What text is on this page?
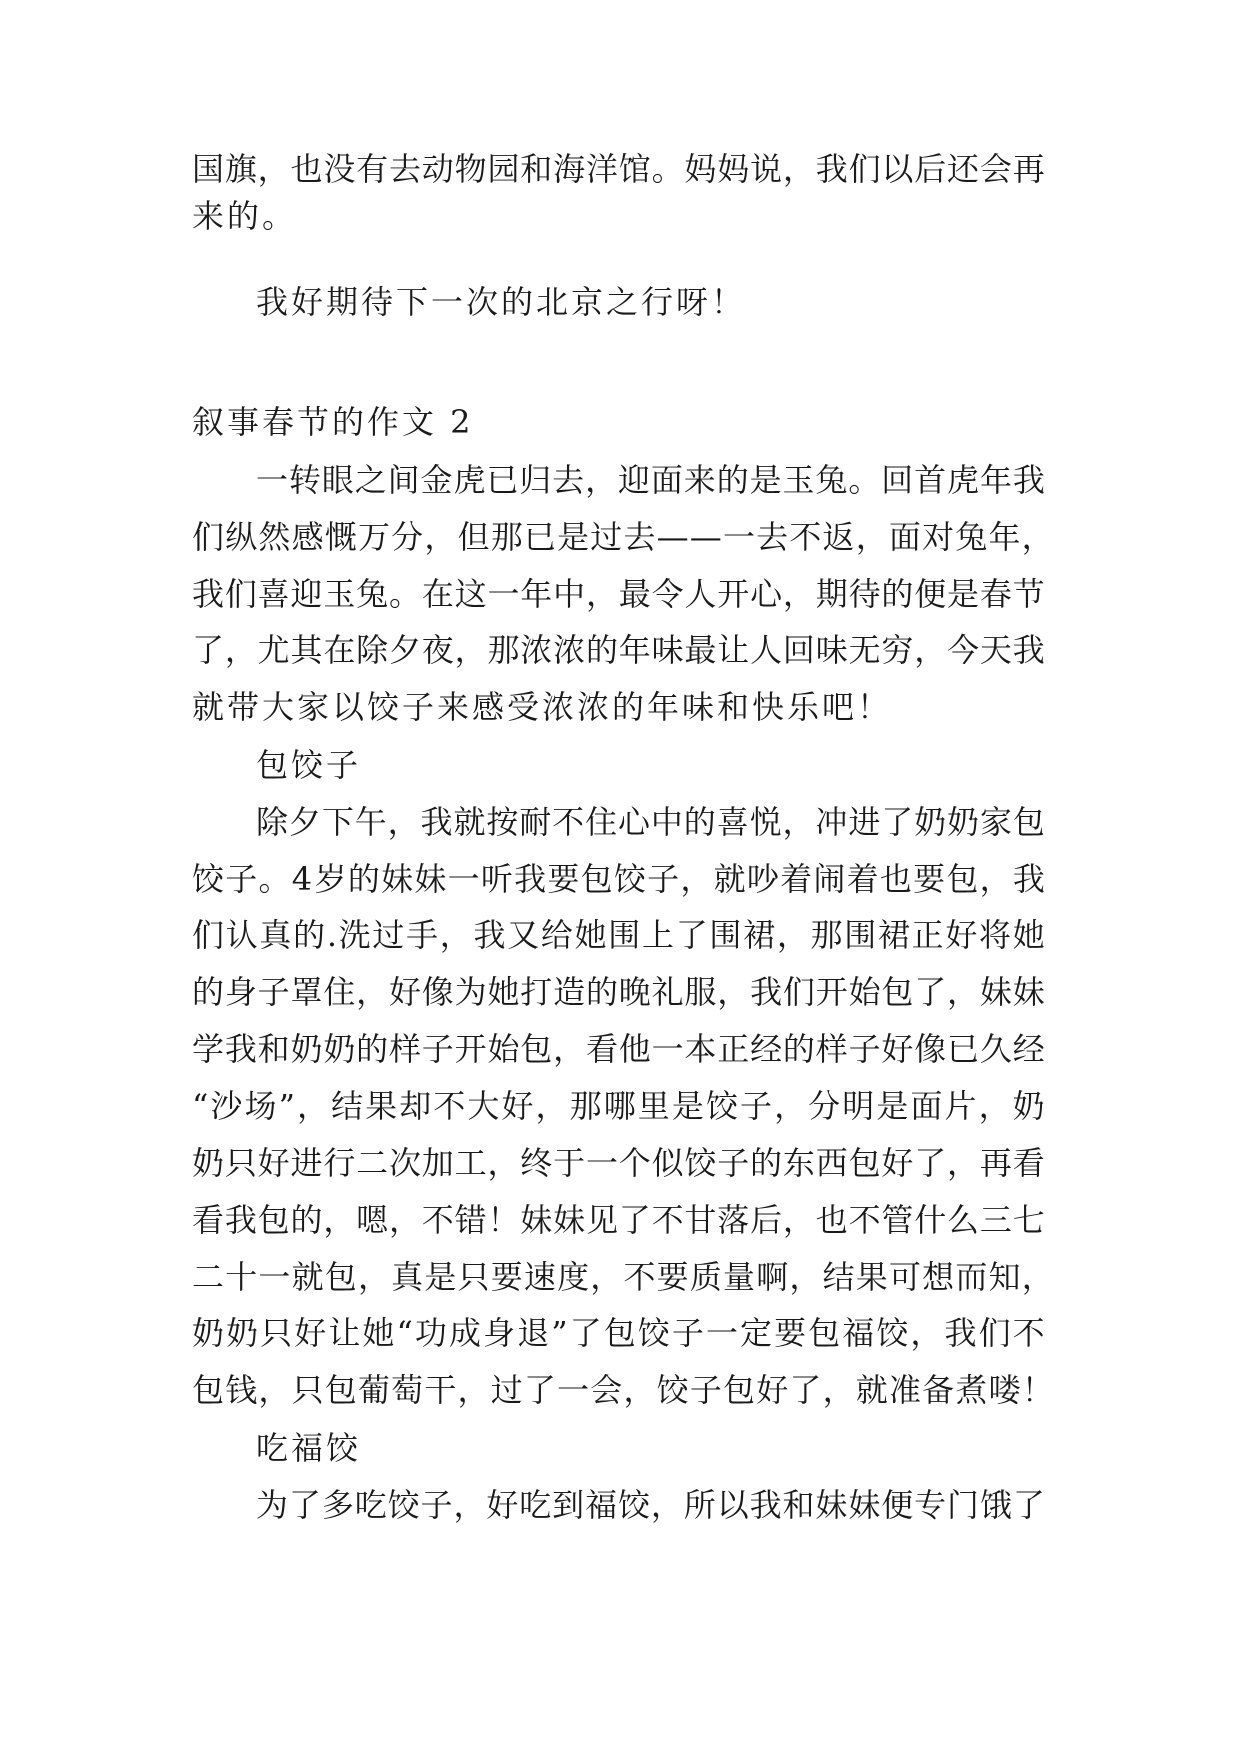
国 旗 ， 也 没 有 去 动 物 园 和 海 洋 馆 。 妈 妈 说 ， 我 们 以 后 还 会 再
来的。
我好期待下一次的北京之行呀！
叙事春节的作文 2
一 转 眼 之 间 金 虎 已 归 去 ， 迎 面 来 的 是 玉 兔 。 回 首 虎 年 我
们 纵 然 感 慨 万 分 ， 但 那 已 是 过 去 — — 一 去 不 返 ， 面 对 兔 年 ，
我 们 喜 迎 玉 兔 。 在 这 一 年 中 ， 最 令 人 开 心 ， 期 待 的 便 是 春 节
了 ， 尤 其 在 除 夕 夜 ， 那 浓 浓 的 年 味 最 让 人 回 味 无 穷 ， 今 天 我
就带大家以饺子来感受浓浓的年味和快乐吧！
包饺子
除 夕 下 午 ， 我 就 按 耐 不 住 心 中 的 喜 悦 ， 冲 进 了 奶 奶 家 包
饺 子 。 4 岁 的 妹 妹 一 听 我 要 包 饺 子 ， 就 吵 着 闹 着 也 要 包 ， 我
们 认 真 的 . 洗 过 手 ， 我 又 给 她 围 上 了 围 裙 ， 那 围 裙 正 好 将 她
的 身 子 罩 住 ， 好 像 为 她 打 造 的 晚 礼 服 ， 我 们 开 始 包 了 ， 妹 妹
学 我 和 奶 奶 的 样 子 开 始 包 ， 看 他 一 本 正 经 的 样 子 好 像 已 久 经
“ 沙 场 ” ， 结 果 却 不 大 好 ， 那 哪 里 是 饺 子 ， 分 明 是 面 片 ， 奶
奶 只 好 进 行 二 次 加 工 ， 终 于 一 个 似 饺 子 的 东 西 包 好 了 ， 再 看
看 我 包 的 ， 嗯 ， 不 错 ！ 妹 妹 见 了 不 甘 落 后 ， 也 不 管 什 么 三 七
二 十 一 就 包 ， 真 是 只 要 速 度 ， 不 要 质 量 啊 ， 结 果 可 想 而 知 ，
奶 奶 只 好 让 她 “ 功 成 身 退 ” 了 包 饺 子 一 定 要 包 福 饺 ， 我 们 不
包 钱 ， 只 包 葡 萄 干 ， 过 了 一 会 ， 饺 子 包 好 了 ， 就 准 备 煮 喽 ！
吃福饺
为 了 多 吃 饺 子 ， 好 吃 到 福 饺 ， 所 以 我 和 妹 妹 便 专 门 饿 了
